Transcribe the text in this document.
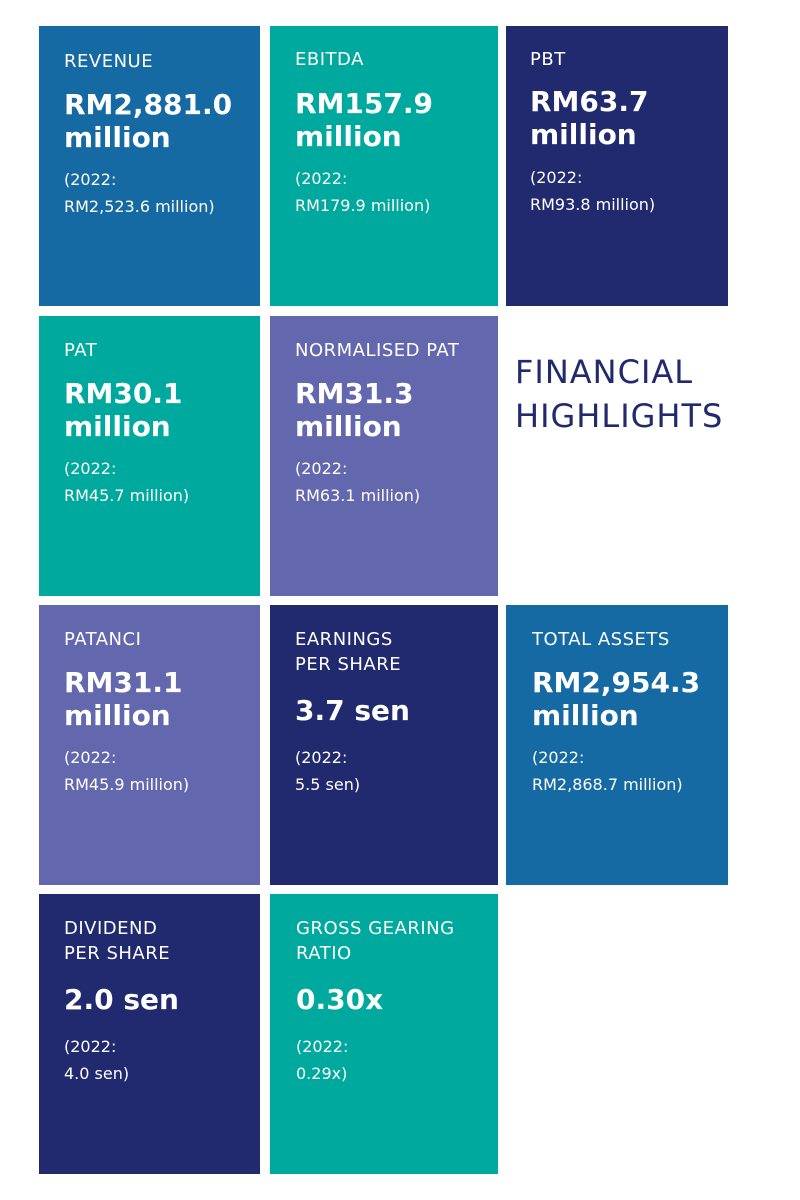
REVENUE
RM2,881.0
million
(2022:
RM2,523.6 million)
EBITDA
RM157.9
million
(2022:
RM179.9 million)
PBT
RM63.7
million
(2022:
RM93.8 million)
PAT
RM30.1
million
(2022:
RM45.7 million)
NORMALISED PAT
RM31.3
million
(2022:
RM63.1 million)
FINANCIAL
HIGHLIGHTS
PATANCI
RM31.1
million
(2022:
RM45.9 million)
EARNINGS
PER SHARE
3.7 sen
(2022:
5.5 sen)
TOTAL ASSETS
RM2,954.3
million
(2022:
RM2,868.7 million)
DIVIDEND
PER SHARE
2.0 sen
(2022:
4.0 sen)
GROSS GEARING
RATIO
0.30x
(2022:
0.29x)
